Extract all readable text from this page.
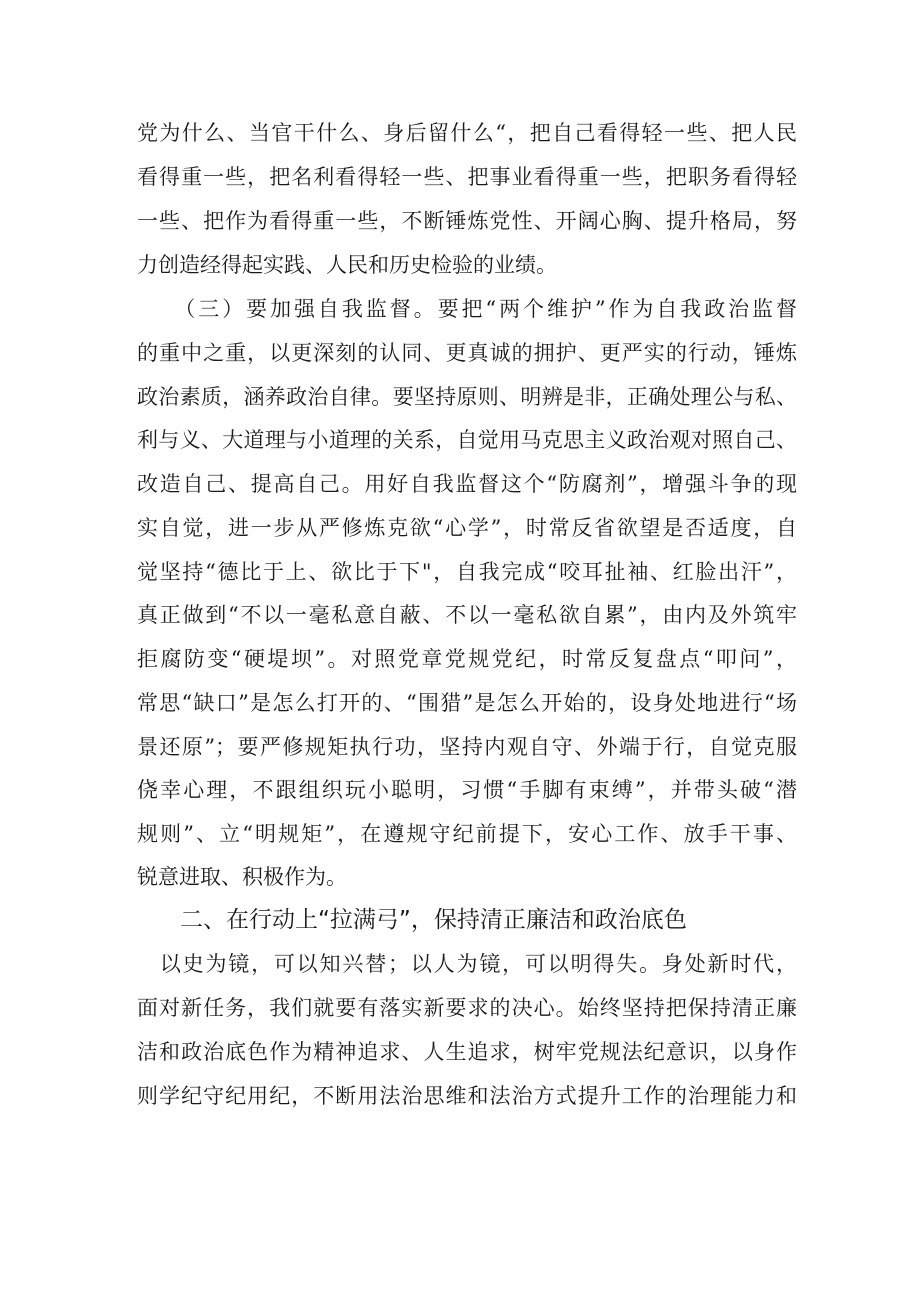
党为什么、当官干什么、身后留什么“，把自己看得轻一些、把人民
看得重一些，把名利看得轻一些、把事业看得重一些，把职务看得轻
一些、把作为看得重一些，不断锤炼党性、开阔心胸、提升格局，努
力创造经得起实践、人民和历史检验的业绩。
　　（三）要加强自我监督。要把“两个维护”作为自我政治监督
的重中之重，以更深刻的认同、更真诚的拥护、更严实的行动，锤炼
政治素质，涵养政治自律。要坚持原则、明辨是非，正确处理公与私、
利与义、大道理与小道理的关系，自觉用马克思主义政治观对照自己、
改造自己、提高自己。用好自我监督这个“防腐剂”，增强斗争的现
实自觉，进一步从严修炼克欲“心学”，时常反省欲望是否适度，自
觉坚持“德比于上、欲比于下"，自我完成“咬耳扯袖、红脸出汗”，
真正做到“不以一毫私意自蔽、不以一毫私欲自累”，由内及外筑牢
拒腐防变“硬堤坝”。对照党章党规党纪，时常反复盘点“叩问”，
常思“缺口”是怎么打开的、“围猎”是怎么开始的，设身处地进行“场
景还原”；要严修规矩执行功，坚持内观自守、外端于行，自觉克服
侥幸心理，不跟组织玩小聪明，习惯“手脚有束缚”，并带头破“潜
规则”、立“明规矩”，在遵规守纪前提下，安心工作、放手干事、
锐意进取、积极作为。
二、在行动上“拉满弓”，保持清正廉洁和政治底色
　以史为镜，可以知兴替；以人为镜，可以明得失。身处新时代，
面对新任务，我们就要有落实新要求的决心。始终坚持把保持清正廉
洁和政治底色作为精神追求、人生追求，树牢党规法纪意识，以身作
则学纪守纪用纪，不断用法治思维和法治方式提升工作的治理能力和
